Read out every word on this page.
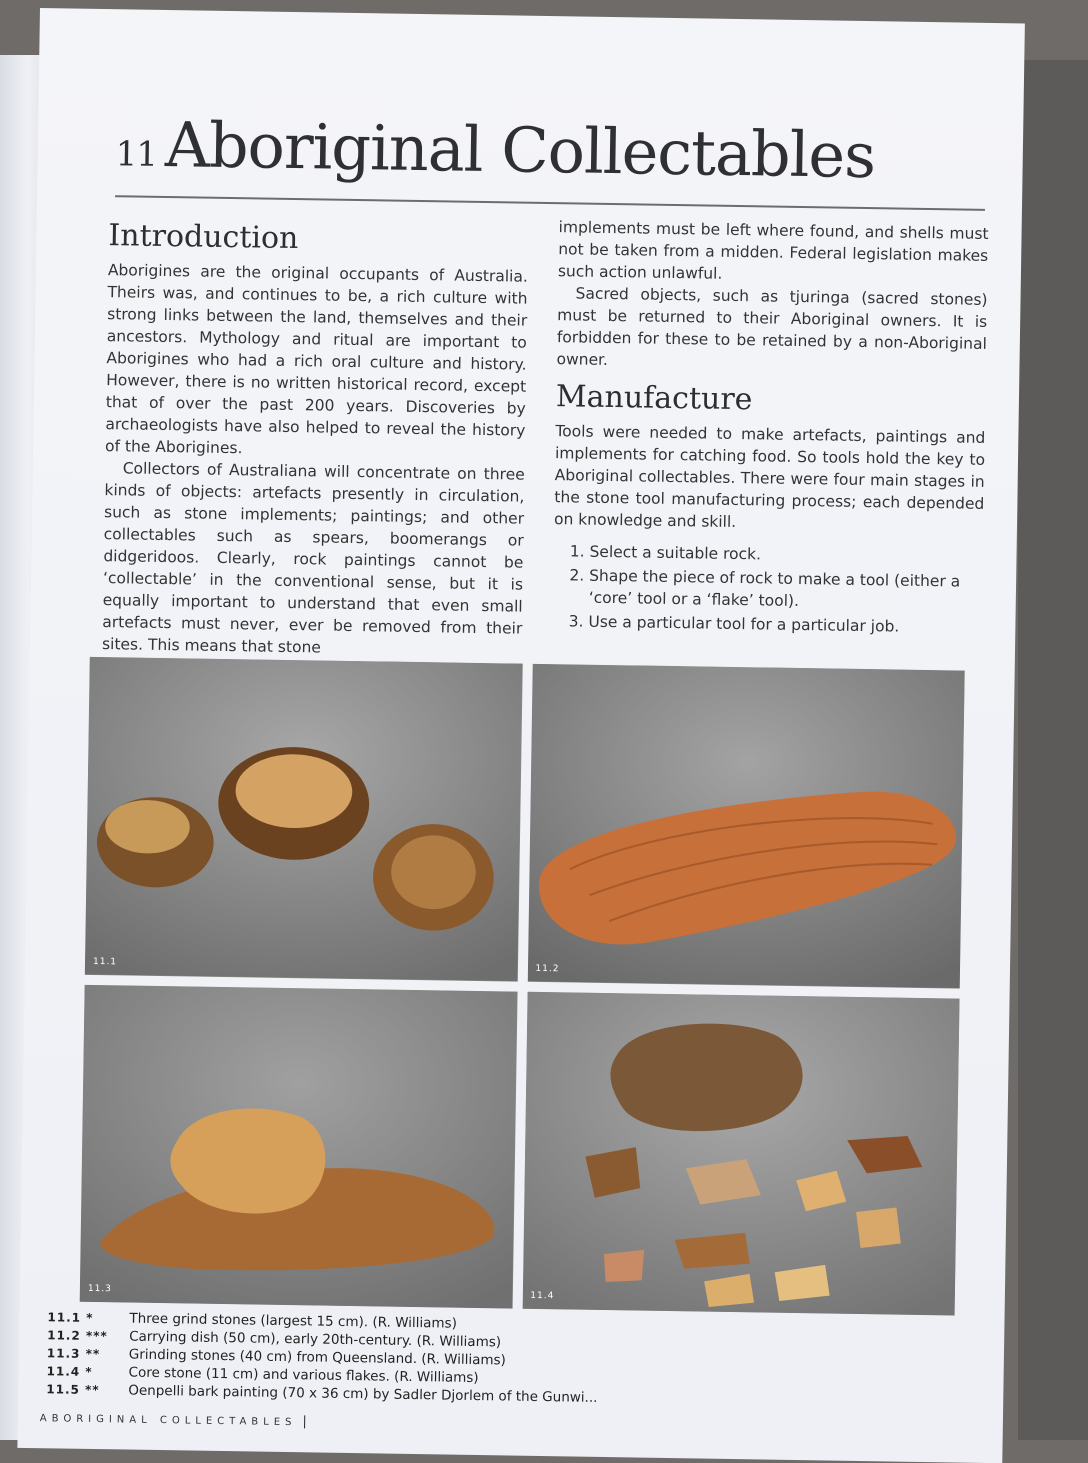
11 Aboriginal Collectables
Introduction

Aborigines are the original occupants of Australia. Theirs was, and continues to be, a rich culture with strong links between the land, themselves and their ancestors. Mythology and ritual are important to Aborigines who had a rich oral culture and history. However, there is no written historical record, except that of over the past 200 years. Discoveries by archaeologists have also helped to reveal the history of the Aborigines.

Collectors of Australiana will concentrate on three kinds of objects: artefacts presently in circulation, such as stone implements; paintings; and other collectables such as spears, boomerangs or didgeridoos. Clearly, rock paintings cannot be ‘collectable’ in the conventional sense, but it is equally important to understand that even small artefacts must never, ever be removed from their sites. This means that stone

implements must be left where found, and shells must not be taken from a midden. Federal legislation makes such action unlawful.

Sacred objects, such as tjuringa (sacred stones) must be returned to their Aboriginal owners. It is forbidden for these to be retained by a non-Aboriginal owner.

Manufacture

Tools were needed to make artefacts, paintings and implements for catching food. So tools hold the key to Aboriginal collectables. There were four main stages in the stone tool manufacturing process; each depended on knowledge and skill.

1. Select a suitable rock.
2. Shape the piece of rock to make a tool (either a ‘core’ tool or a ‘flake’ tool).
3. Use a particular tool for a particular job.
11.1
11.2
11.3
11.4
11.1 *	Three grind stones (largest 15 cm). (R. Williams)
11.2 ***	Carrying dish (50 cm), early 20th-century. (R. Williams)
11.3 **	Grinding stones (40 cm) from Queensland. (R. Williams)
11.4 *	Core stone (11 cm) and various flakes. (R. Williams)
11.5 **	Oenpelli bark painting (70 x 36 cm) by Sadler Djorlem of the Gunwi...
ABORIGINAL COLLECTABLES |
